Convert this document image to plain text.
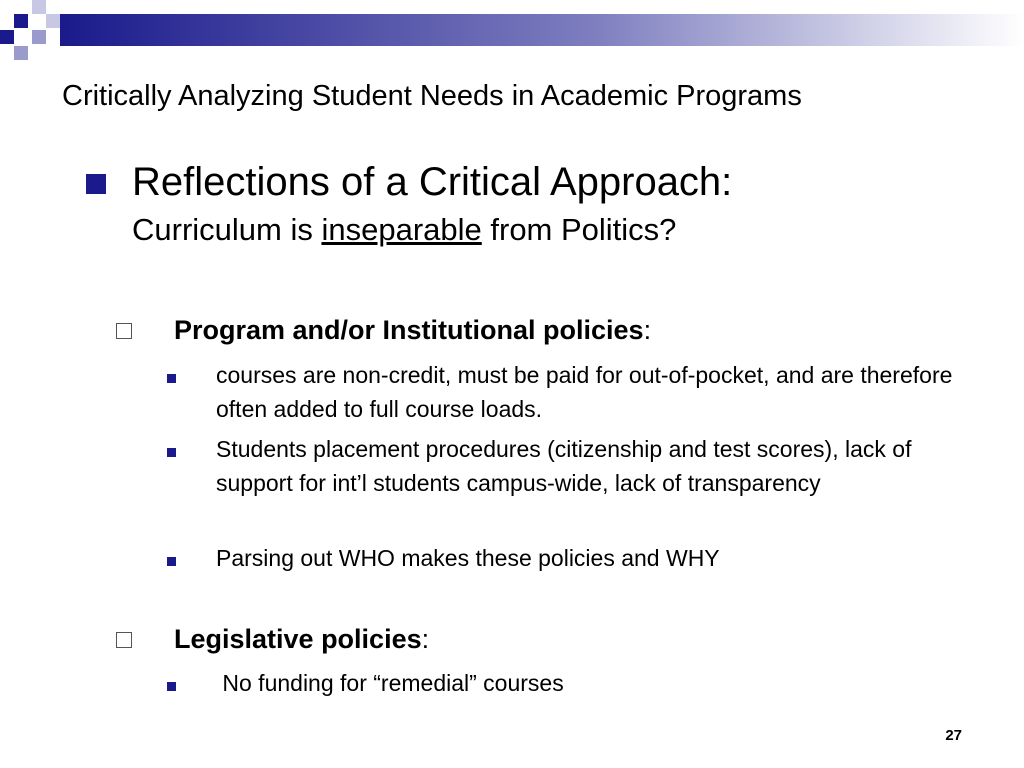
Critically Analyzing Student Needs in Academic Programs
Reflections of a Critical Approach:
Curriculum is inseparable from Politics?
Program and/or Institutional policies:
courses are non-credit, must be paid for out-of-pocket, and are therefore often added to full course loads.
Students placement procedures (citizenship and test scores), lack of support for int’l students campus-wide, lack of transparency
Parsing out WHO makes these policies and WHY
Legislative policies:
No funding for “remedial” courses
27
